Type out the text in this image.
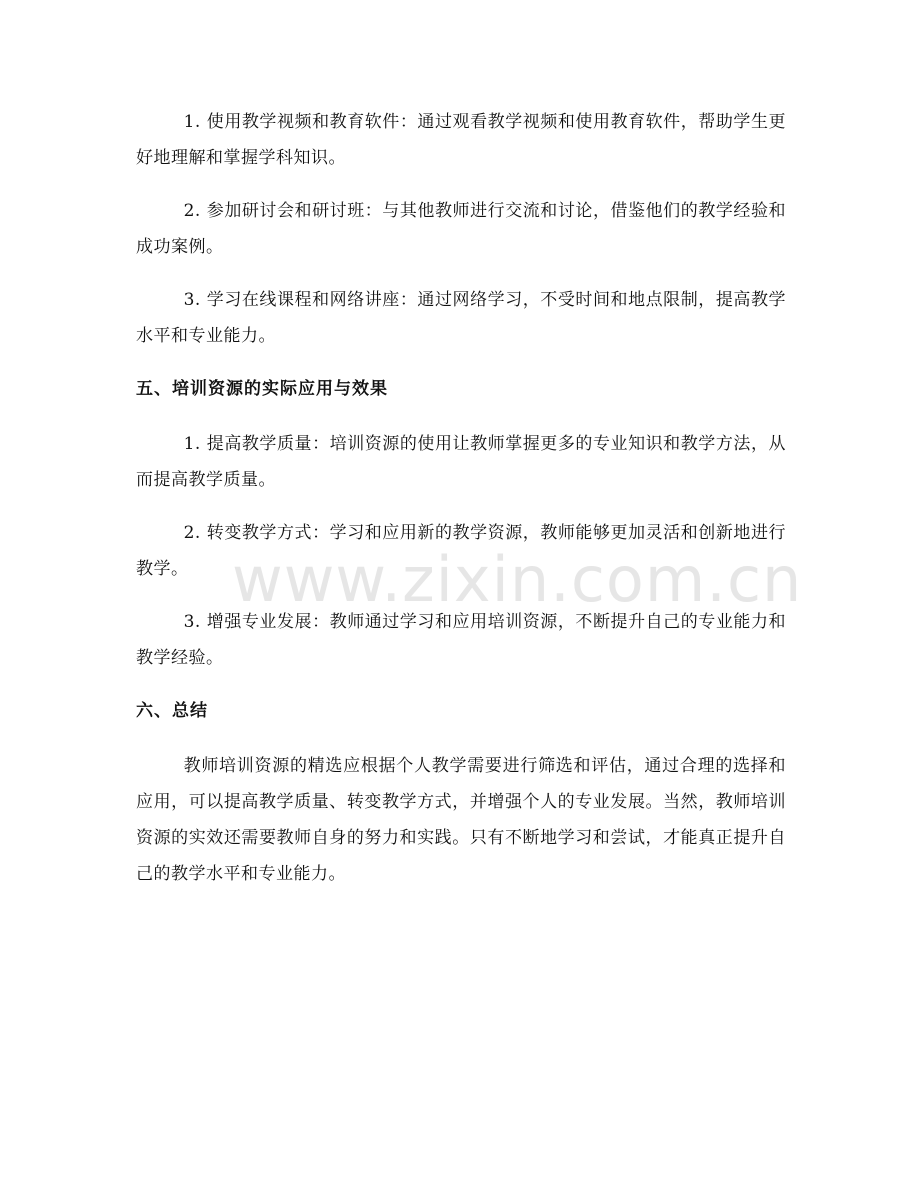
1. 使用教学视频和教育软件：通过观看教学视频和使用教育软件，帮助学生更好地理解和掌握学科知识。

2. 参加研讨会和研讨班：与其他教师进行交流和讨论，借鉴他们的教学经验和成功案例。

3. 学习在线课程和网络讲座：通过网络学习，不受时间和地点限制，提高教学水平和专业能力。

五、培训资源的实际应用与效果

1. 提高教学质量：培训资源的使用让教师掌握更多的专业知识和教学方法，从而提高教学质量。

2. 转变教学方式：学习和应用新的教学资源，教师能够更加灵活和创新地进行教学。

3. 增强专业发展：教师通过学习和应用培训资源，不断提升自己的专业能力和教学经验。

六、总结

教师培训资源的精选应根据个人教学需要进行筛选和评估，通过合理的选择和应用，可以提高教学质量、转变教学方式，并增强个人的专业发展。当然，教师培训资源的实效还需要教师自身的努力和实践。只有不断地学习和尝试，才能真正提升自己的教学水平和专业能力。

www.zixin.com.cn
